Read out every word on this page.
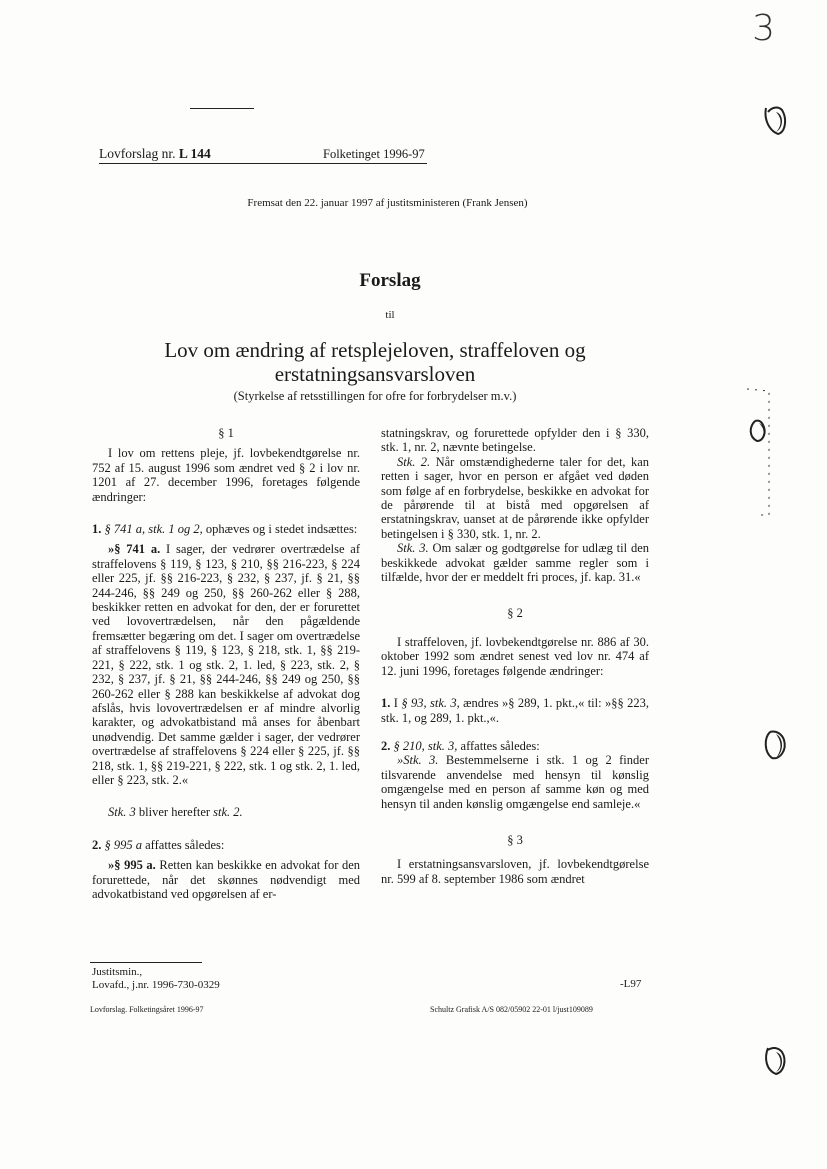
3
Lovforslag nr. L 144	Folketinget 1996-97
Fremsat den 22. januar 1997 af justitsministeren (Frank Jensen)
Forslag
til
Lov om ændring af retsplejeloven, straffeloven og
erstatningsansvarsloven
(Styrkelse af retsstillingen for ofre for forbrydelser m.v.)

§ 1

I lov om rettens pleje, jf. lovbekendtgørelse nr. 752 af 15. august 1996 som ændret ved § 2 i lov nr. 1201 af 27. december 1996, foretages følgende ændringer:

1. § 741 a, stk. 1 og 2, ophæves og i stedet indsættes:

»§ 741 a. I sager, der vedrører overtrædelse af straffelovens § 119, § 123, § 210, §§ 216-223, § 224 eller 225, jf. §§ 216-223, § 232, § 237, jf. § 21, §§ 244-246, §§ 249 og 250, §§ 260-262 eller § 288, beskikker retten en advokat for den, der er forurettet ved lovovertrædelsen, når den pågældende fremsætter begæring om det. I sager om overtrædelse af straffelovens § 119, § 123, § 218, stk. 1, §§ 219-221, § 222, stk. 1 og stk. 2, 1. led, § 223, stk. 2, § 232, § 237, jf. § 21, §§ 244-246, §§ 249 og 250, §§ 260-262 eller § 288 kan beskikkelse af advokat dog afslås, hvis lovovertrædelsen er af mindre alvorlig karakter, og advokatbistand må anses for åbenbart unødvendig. Det samme gælder i sager, der vedrører overtrædelse af straffelovens § 224 eller § 225, jf. §§ 218, stk. 1, §§ 219-221, § 222, stk. 1 og stk. 2, 1. led, eller § 223, stk. 2.«

Stk. 3 bliver herefter stk. 2.

2. § 995 a affattes således:

»§ 995 a. Retten kan beskikke en advokat for den forurettede, når det skønnes nødvendigt med advokatbistand ved opgørelsen af er-

statningskrav, og forurettede opfylder den i § 330, stk. 1, nr. 2, nævnte betingelse.

Stk. 2. Når omstændighederne taler for det, kan retten i sager, hvor en person er afgået ved døden som følge af en forbrydelse, beskikke en advokat for de pårørende til at bistå med opgørelsen af erstatningskrav, uanset at de pårørende ikke opfylder betingelsen i § 330, stk. 1, nr. 2.

Stk. 3. Om salær og godtgørelse for udlæg til den beskikkede advokat gælder samme regler som i tilfælde, hvor der er meddelt fri proces, jf. kap. 31.«

§ 2

I straffeloven, jf. lovbekendtgørelse nr. 886 af 30. oktober 1992 som ændret senest ved lov nr. 474 af 12. juni 1996, foretages følgende ændringer:

1. I § 93, stk. 3, ændres »§ 289, 1. pkt.,« til: »§§ 223, stk. 1, og 289, 1. pkt.,«.

2. § 210, stk. 3, affattes således:

»Stk. 3. Bestemmelserne i stk. 1 og 2 finder tilsvarende anvendelse med hensyn til kønslig omgængelse med en person af samme køn og med hensyn til anden kønslig omgængelse end samleje.«

§ 3

I erstatningsansvarsloven, jf. lovbekendtgørelse nr. 599 af 8. september 1986 som ændret

Justitsmin.,
Lovafd., j.nr. 1996-730-0329	-L97
Lovforslag. Folketingsåret 1996-97	Schultz Grafisk A/S 082/05902 22-01 l/just109089
